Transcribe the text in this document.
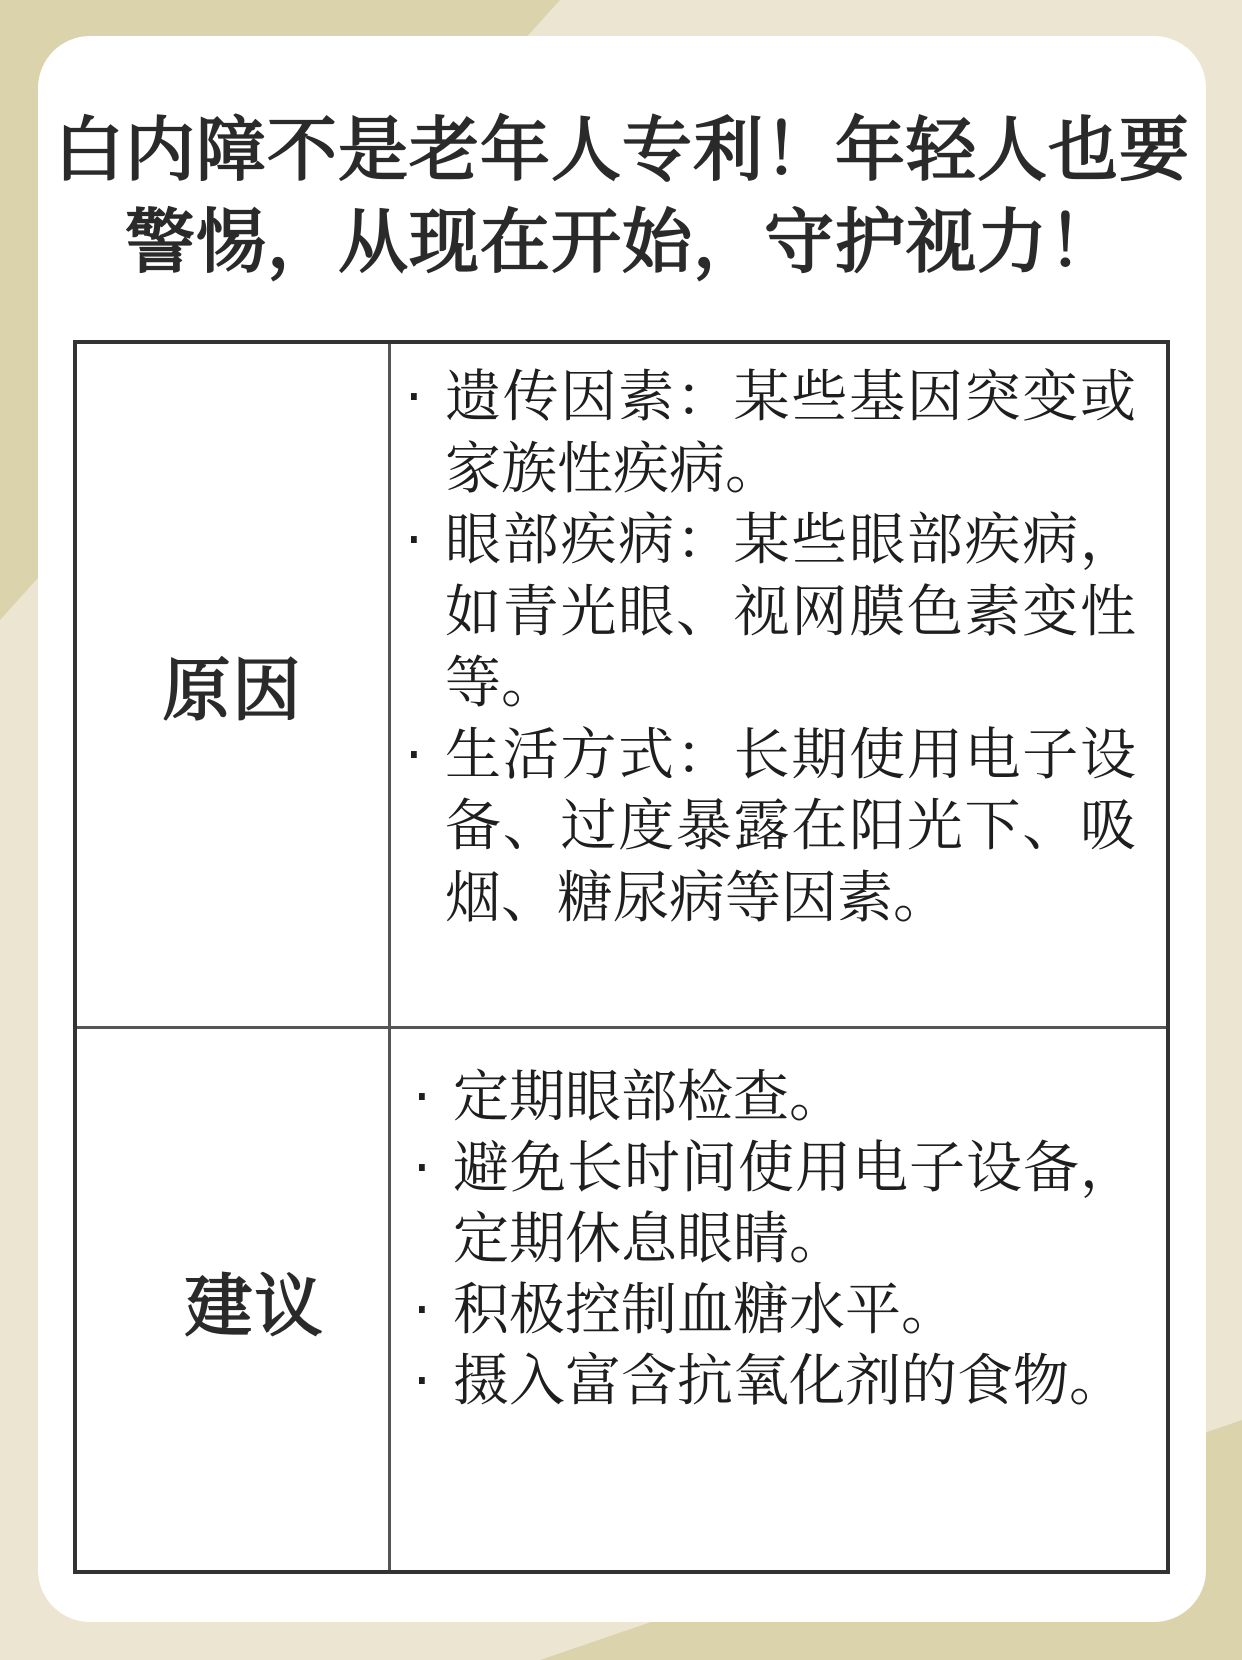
白内障不是老年人专利！年轻人也要
警惕，从现在开始，守护视力！
原因
· 遗传因素：某些基因突变或家族性疾病。
· 眼部疾病：某些眼部疾病，如青光眼、视网膜色素变性等。
· 生活方式：长期使用电子设备、过度暴露在阳光下、吸烟、糖尿病等因素。
建议
· 定期眼部检查。
· 避免长时间使用电子设备，定期休息眼睛。
· 积极控制血糖水平。
· 摄入富含抗氧化剂的食物。
